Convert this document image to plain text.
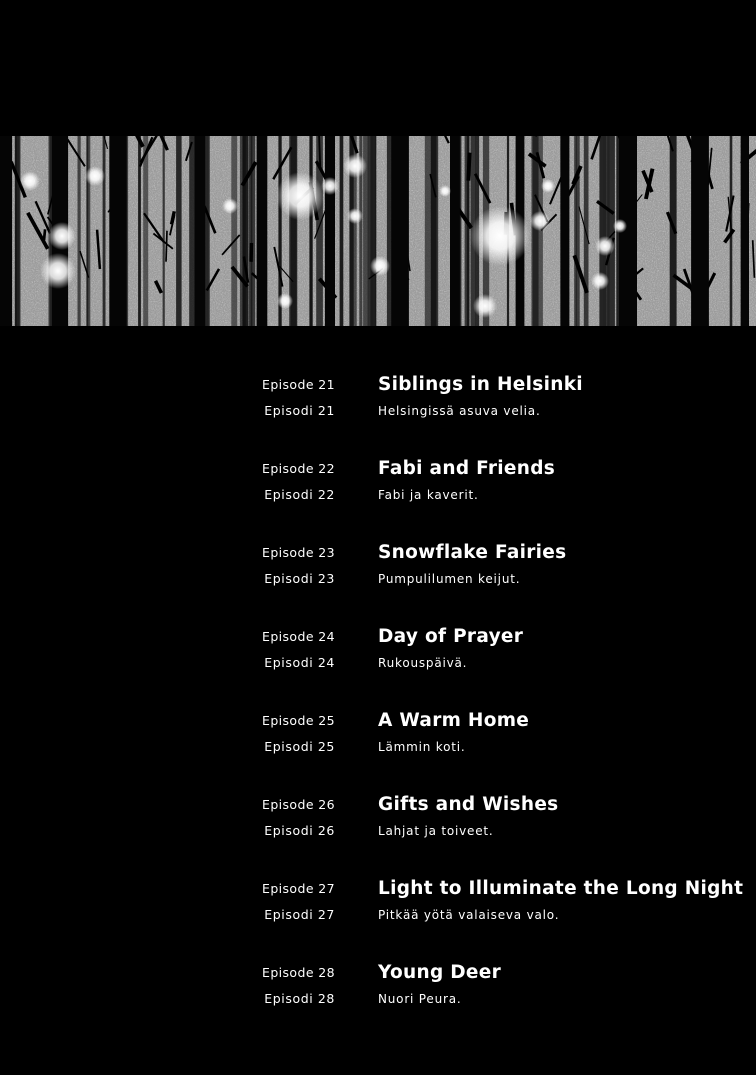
Episode 21
Episodi 21
Siblings in Helsinki
Helsingissä asuva velia.
Episode 22
Episodi 22
Fabi and Friends
Fabi ja kaverit.
Episode 23
Episodi 23
Snowflake Fairies
Pumpulilumen keijut.
Episode 24
Episodi 24
Day of Prayer
Rukouspäivä.
Episode 25
Episodi 25
A Warm Home
Lämmin koti.
Episode 26
Episodi 26
Gifts and Wishes
Lahjat ja toiveet.
Episode 27
Episodi 27
Light to Illuminate the Long Night
Pitkää yötä valaiseva valo.
Episode 28
Episodi 28
Young Deer
Nuori Peura.
